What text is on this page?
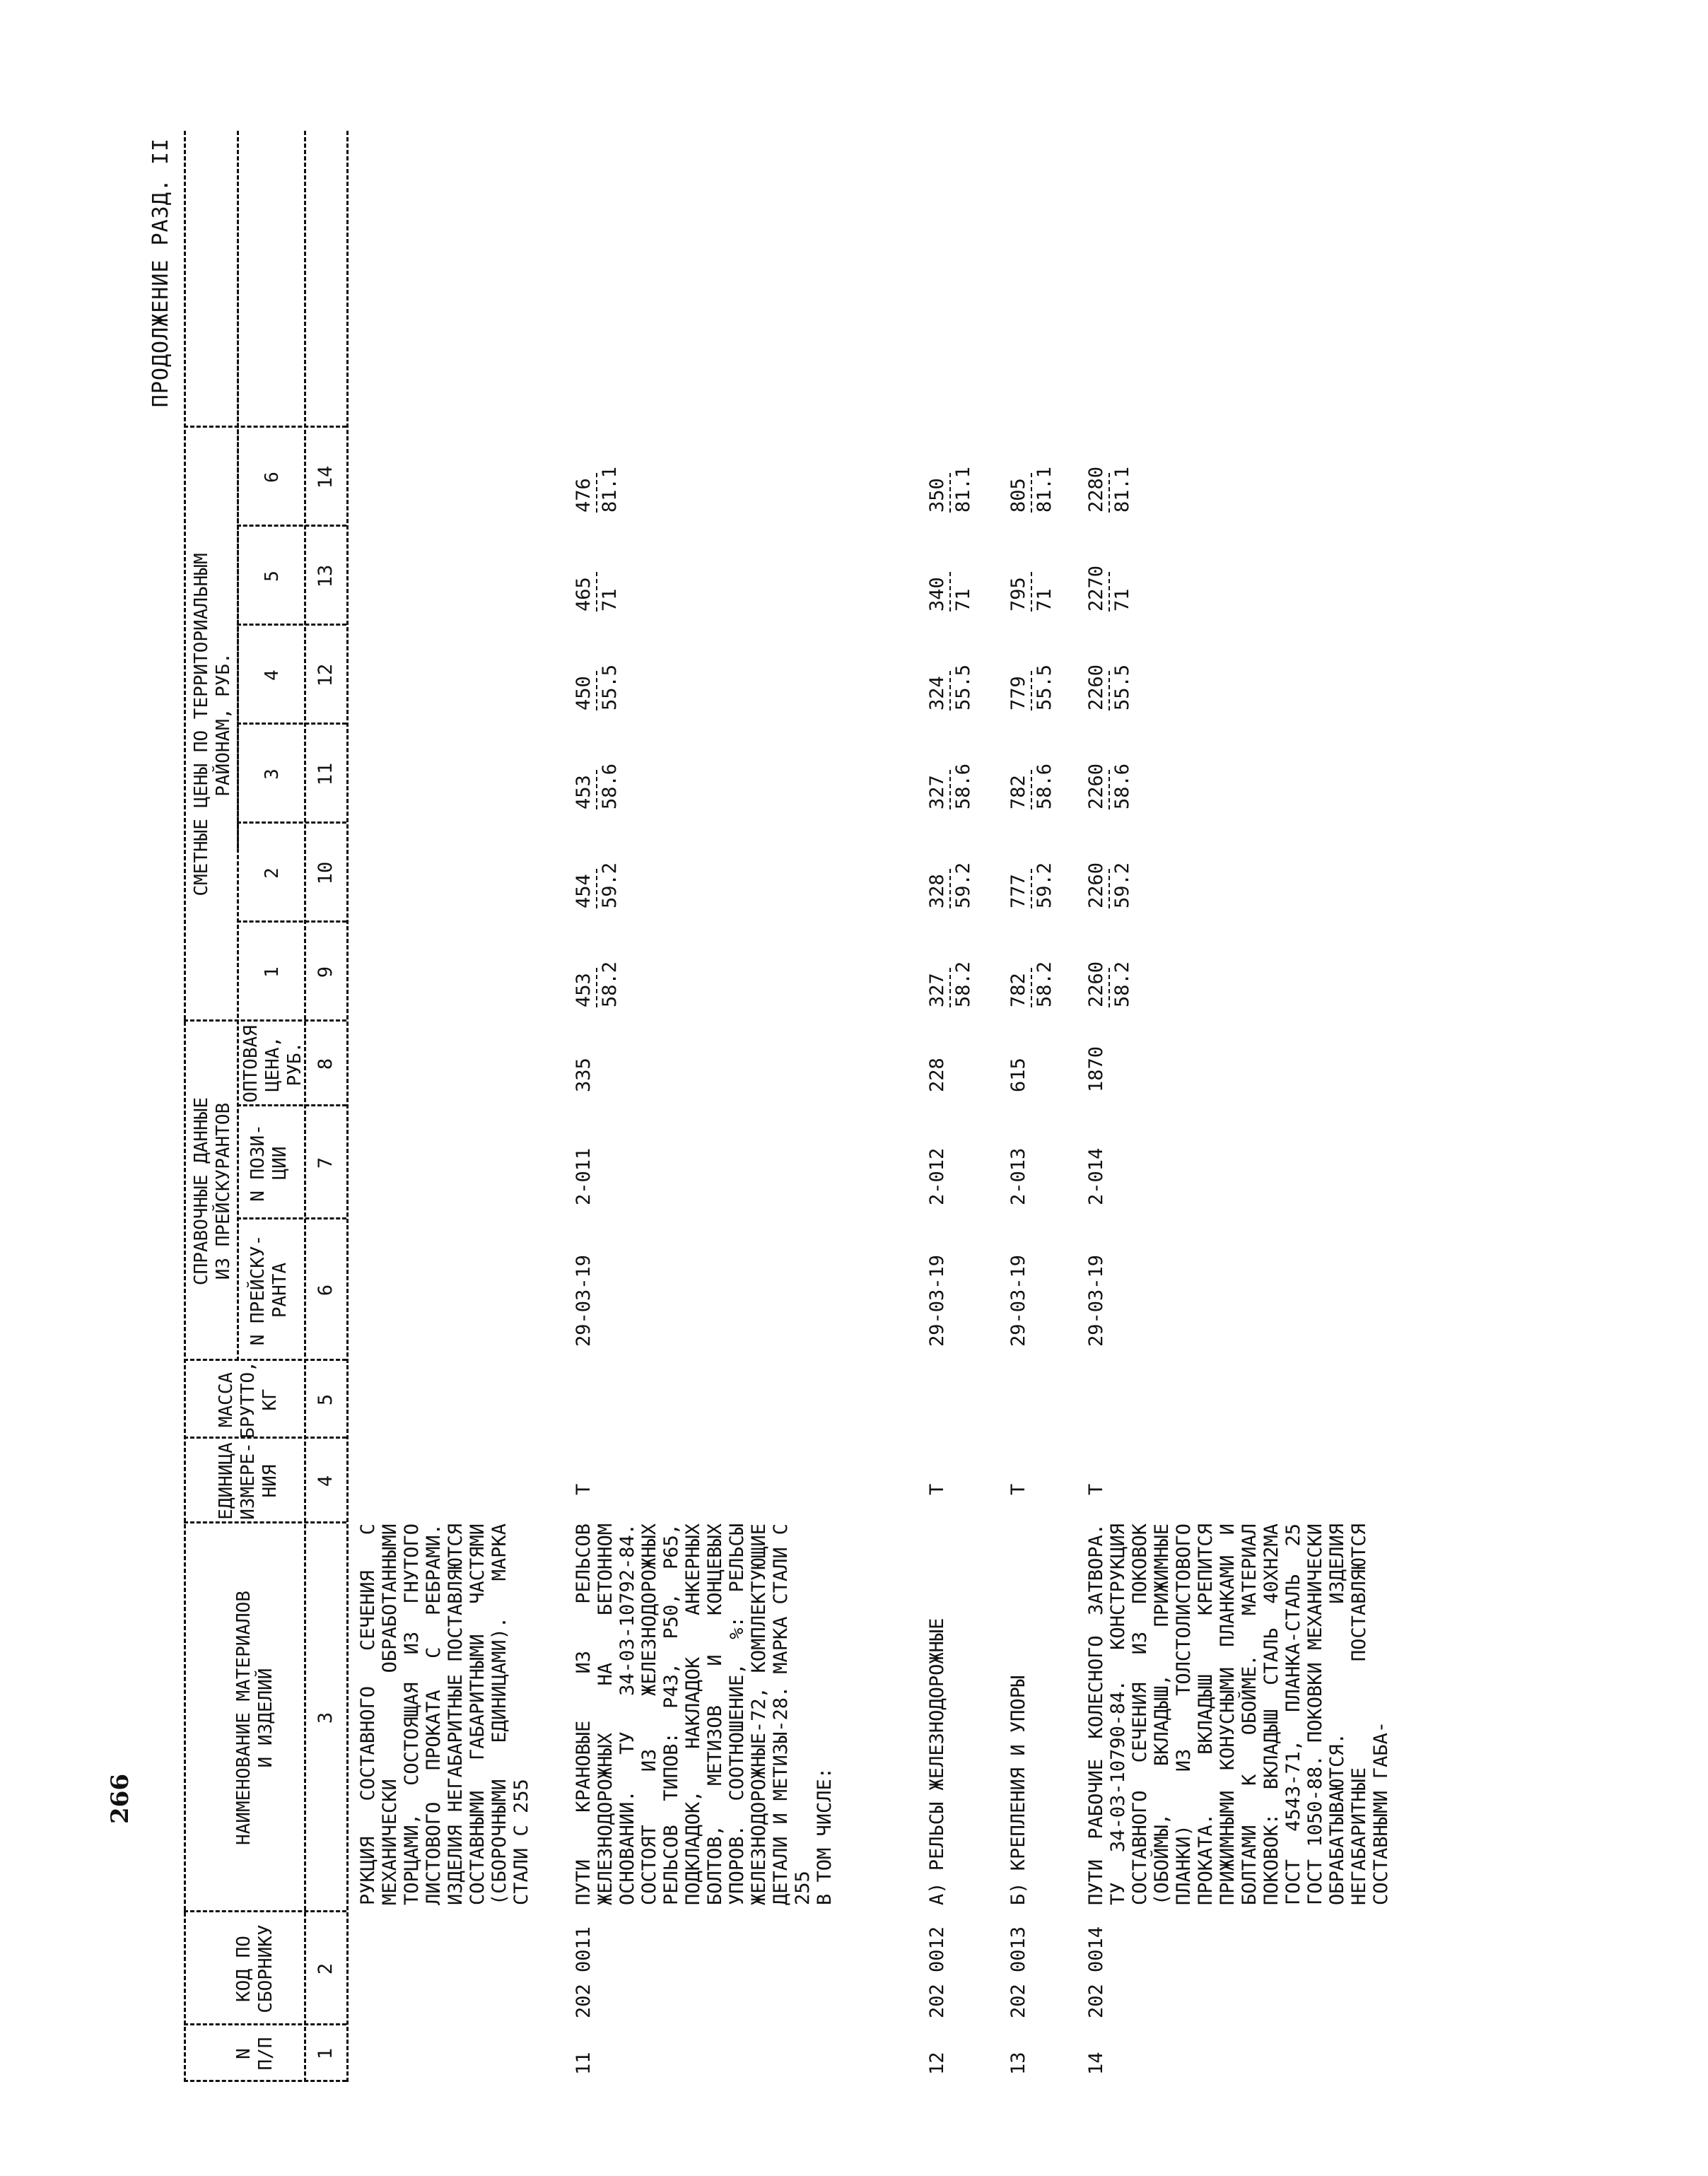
266
ПРОДОЛЖЕНИЕ РАЗД. II
N
П/П
КОД ПО
СБОРНИКУ
НАИМЕНОВАНИЕ МАТЕРИАЛОВ
И ИЗДЕЛИЙ
ЕДИНИЦА
ИЗМЕРЕ-
НИЯ
МАССА
БРУТТО,
КГ
СПРАВОЧНЫЕ ДАННЫЕ
ИЗ ПРЕЙСКУРАНТОВ
N ПРЕЙСКУ-
РАНТА
N ПОЗИ-
ЦИИ
ОПТОВАЯ
ЦЕНА,
РУБ.
СМЕТНЫЕ ЦЕНЫ ПО ТЕРРИТОРИАЛЬНЫМ
РАЙОНАМ, РУБ.
1
2
3
4
5
6
1
2
3
4
5
6
7
8
9
10
11
12
13
14
РУКЦИЯ СОСТАВНОГО СЕЧЕНИЯ С МЕХАНИЧЕСКИ ОБРАБОТАННЫМИ ТОРЦАМИ, СОСТОЯЩАЯ ИЗ ГНУТОГО ЛИСТОВОГО ПРОКАТА С РЕБРАМИ. ИЗДЕЛИЯ НЕГАБАРИТНЫЕ ПОСТАВЛЯЮТСЯ СОСТАВНЫМИ ГАБАРИТНЫМИ ЧАСТЯМИ (СБОРОЧНЫМИ ЕДИНИЦАМИ). МАРКА СТАЛИ С 255
11
202 0011
ПУТИ КРАНОВЫЕ ИЗ РЕЛЬСОВ ЖЕЛЕЗНОДОРОЖНЫХ НА БЕТОННОМ ОСНОВАНИИ. ТУ 34-03-10792-84. СОСТОЯТ ИЗ ЖЕЛЕЗНОДОРОЖНЫХ РЕЛЬСОВ ТИПОВ: Р43, Р50, Р65, ПОДКЛАДОК, НАКЛАДОК АНКЕРНЫХ БОЛТОВ, МЕТИЗОВ И КОНЦЕВЫХ УПОРОВ. СООТНОШЕНИЕ, %: РЕЛЬСЫ ЖЕЛЕЗНОДОРОЖНЫЕ-72, КОМПЛЕКТУЮЩИЕ ДЕТАЛИ И МЕТИЗЫ-28. МАРКА СТАЛИ С 255
В ТОМ ЧИСЛЕ:
Т
29-03-19
2-011
335
453 58.2
454 59.2
453 58.6
450 55.5
465 71
476 81.1
12
202 0012
А) РЕЛЬСЫ ЖЕЛЕЗНОДОРОЖНЫЕ
Т
29-03-19
2-012
228
327 58.2
328 59.2
327 58.6
324 55.5
340 71
350 81.1
13
202 0013
Б) КРЕПЛЕНИЯ И УПОРЫ
Т
29-03-19
2-013
615
782 58.2
777 59.2
782 58.6
779 55.5
795 71
805 81.1
14
202 0014
ПУТИ РАБОЧИЕ КОЛЕСНОГО ЗАТВОРА. ТУ 34-03-10790-84. КОНСТРУКЦИЯ СОСТАВНОГО СЕЧЕНИЯ ИЗ ПОКОВОК (ОБОЙМЫ, ВКЛАДЫШ, ПРИЖИМНЫЕ ПЛАНКИ) ИЗ ТОЛСТОЛИСТОВОГО ПРОКАТА. ВКЛАДЫШ КРЕПИТСЯ ПРИЖИМНЫМИ КОНУСНЫМИ ПЛАНКАМИ И БОЛТАМИ К ОБОЙМЕ. МАТЕРИАЛ ПОКОВОК: ВКЛАДЫШ СТАЛЬ 40ХН2МА ГОСТ 4543-71, ПЛАНКА-СТАЛЬ 25 ГОСТ 1050-88. ПОКОВКИ МЕХАНИЧЕСКИ ОБРАБАТЫВАЮТСЯ. ИЗДЕЛИЯ НЕГАБАРИТНЫЕ ПОСТАВЛЯЮТСЯ СОСТАВНЫМИ ГАБА-
Т
29-03-19
2-014
1870
2260 58.2
2260 59.2
2260 58.6
2260 55.5
2270 71
2280 81.1
